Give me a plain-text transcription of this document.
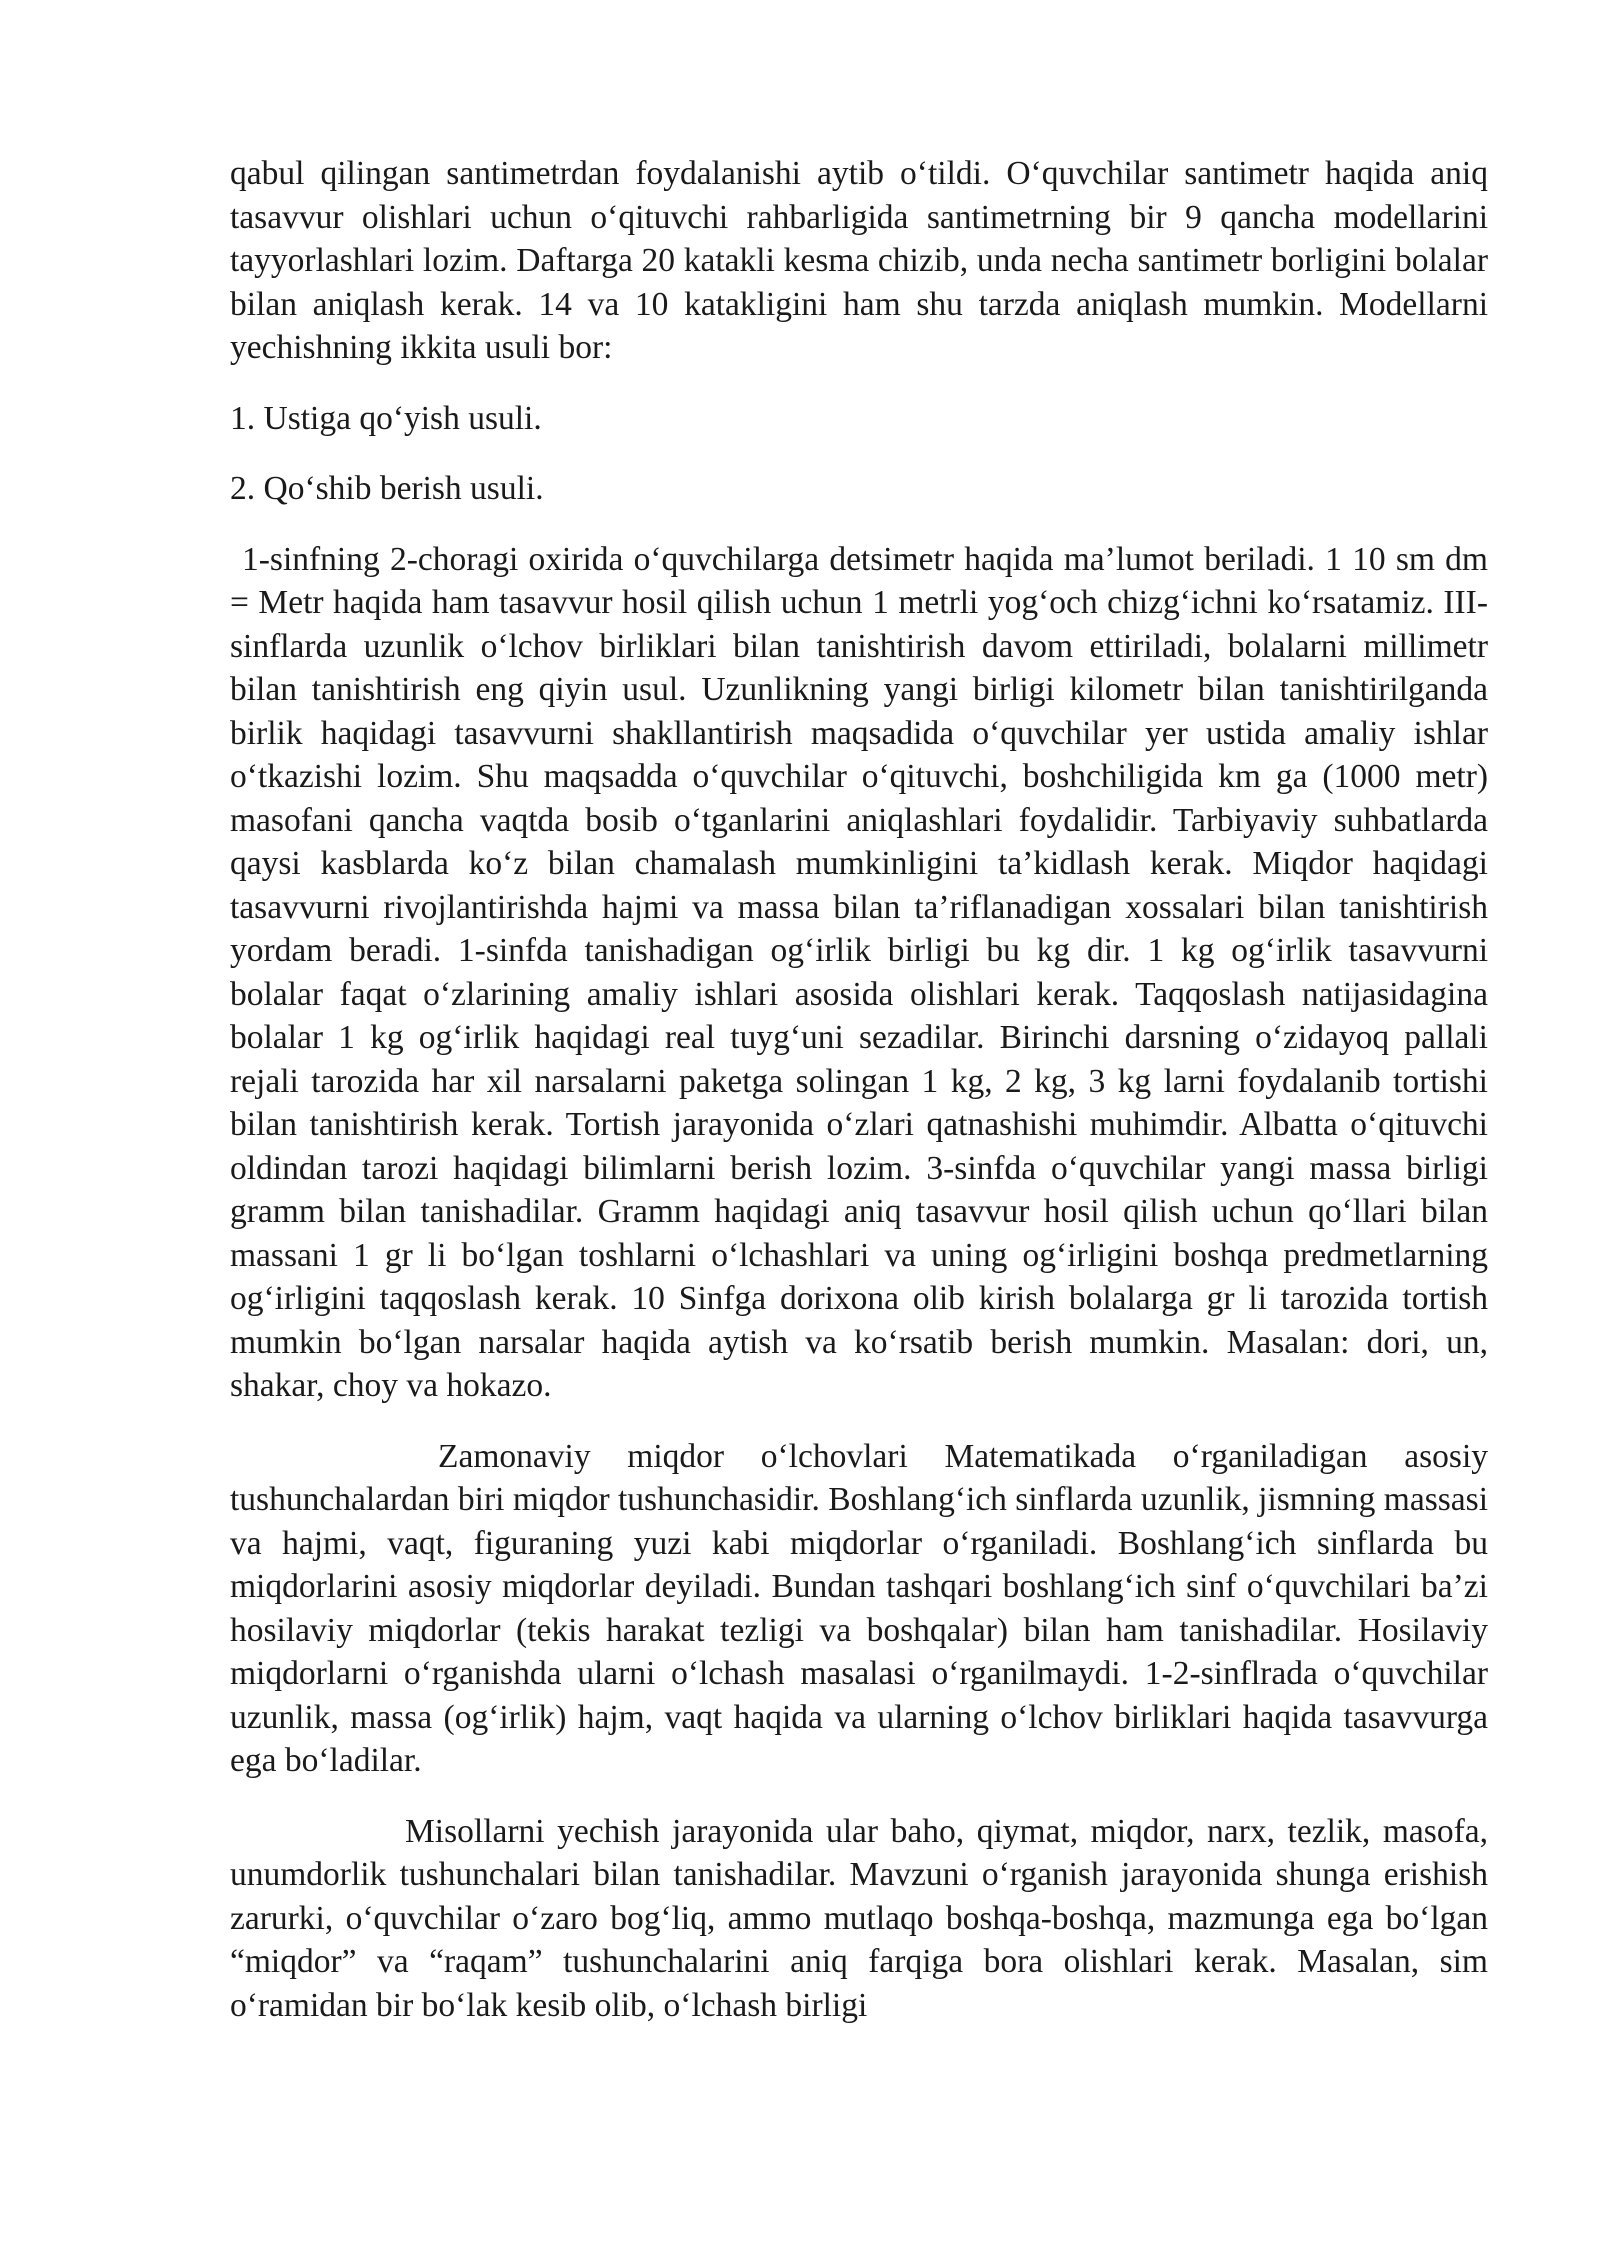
qabul qilingan santimetrdan foydalanishi aytib o‘tildi. O‘quvchilar santimetr haqida aniq tasavvur olishlari uchun o‘qituvchi rahbarligida santimetrning bir 9 qancha modellarini tayyorlashlari lozim. Daftarga 20 katakli kesma chizib, unda necha santimetr borligini bolalar bilan aniqlash kerak. 14 va 10 katakligini ham shu tarzda aniqlash mumkin. Modellarni yechishning ikkita usuli bor:

1. Ustiga qo‘yish usuli.

2. Qo‘shib berish usuli.

1-sinfning 2-choragi oxirida o‘quvchilarga detsimetr haqida ma’lumot beriladi. 1 10 sm dm = Metr haqida ham tasavvur hosil qilish uchun 1 metrli yog‘och chizg‘ichni ko‘rsatamiz. III-sinflarda uzunlik o‘lchov birliklari bilan tanishtirish davom ettiriladi, bolalarni millimetr bilan tanishtirish eng qiyin usul. Uzunlikning yangi birligi kilometr bilan tanishtirilganda birlik haqidagi tasavvurni shakllantirish maqsadida o‘quvchilar yer ustida amaliy ishlar o‘tkazishi lozim. Shu maqsadda o‘quvchilar o‘qituvchi, boshchiligida km ga (1000 metr) masofani qancha vaqtda bosib o‘tganlarini aniqlashlari foydalidir. Tarbiyaviy suhbatlarda qaysi kasblarda ko‘z bilan chamalash mumkinligini ta’kidlash kerak. Miqdor haqidagi tasavvurni rivojlantirishda hajmi va massa bilan ta’riflanadigan xossalari bilan tanishtirish yordam beradi. 1-sinfda tanishadigan og‘irlik birligi bu kg dir. 1 kg og‘irlik tasavvurni bolalar faqat o‘zlarining amaliy ishlari asosida olishlari kerak. Taqqoslash natijasidagina bolalar 1 kg og‘irlik haqidagi real tuyg‘uni sezadilar. Birinchi darsning o‘zidayoq pallali rejali tarozida har xil narsalarni paketga solingan 1 kg, 2 kg, 3 kg larni foydalanib tortishi bilan tanishtirish kerak. Tortish jarayonida o‘zlari qatnashishi muhimdir. Albatta o‘qituvchi oldindan tarozi haqidagi bilimlarni berish lozim. 3-sinfda o‘quvchilar yangi massa birligi gramm bilan tanishadilar. Gramm haqidagi aniq tasavvur hosil qilish uchun qo‘llari bilan massani 1 gr li bo‘lgan toshlarni o‘lchashlari va uning og‘irligini boshqa predmetlarning og‘irligini taqqoslash kerak. 10 Sinfga dorixona olib kirish bolalarga gr li tarozida tortish mumkin bo‘lgan narsalar haqida aytish va ko‘rsatib berish mumkin. Masalan: dori, un, shakar, choy va hokazo.

Zamonaviy miqdor o‘lchovlari Matematikada o‘rganiladigan asosiy tushunchalardan biri miqdor tushunchasidir. Boshlang‘ich sinflarda uzunlik, jismning massasi va hajmi, vaqt, figuraning yuzi kabi miqdorlar o‘rganiladi. Boshlang‘ich sinflarda bu miqdorlarini asosiy miqdorlar deyiladi. Bundan tashqari boshlang‘ich sinf o‘quvchilari ba’zi hosilaviy miqdorlar (tekis harakat tezligi va boshqalar) bilan ham tanishadilar. Hosilaviy miqdorlarni o‘rganishda ularni o‘lchash masalasi o‘rganilmaydi. 1-2-sinflrada o‘quvchilar uzunlik, massa (og‘irlik) hajm, vaqt haqida va ularning o‘lchov birliklari haqida tasavvurga ega bo‘ladilar.

Misollarni yechish jarayonida ular baho, qiymat, miqdor, narx, tezlik, masofa, unumdorlik tushunchalari bilan tanishadilar. Mavzuni o‘rganish jarayonida shunga erishish zarurki, o‘quvchilar o‘zaro bog‘liq, ammo mutlaqo boshqa-boshqa, mazmunga ega bo‘lgan “miqdor” va “raqam” tushunchalarini aniq farqiga bora olishlari kerak. Masalan, sim o‘ramidan bir bo‘lak kesib olib, o‘lchash birligi
